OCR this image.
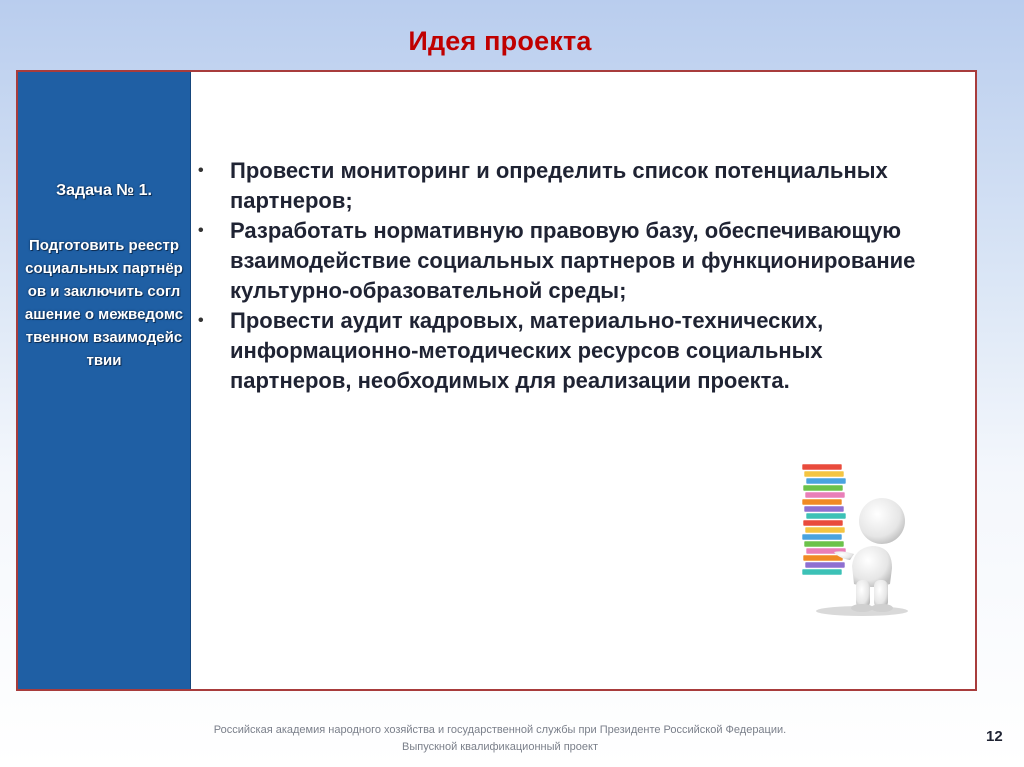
Идея проекта
Задача № 1.
Подготовить реестр социальных партнёров и заключить соглашение о межведомственном взаимодействии
• Провести мониторинг и определить список потенциальных партнеров;
• Разработать нормативную правовую базу, обеспечивающую взаимодействие социальных партнеров и функционирование культурно-образовательной среды;
• Провести аудит кадровых, материально-технических, информационно-методических ресурсов социальных партнеров, необходимых для реализации проекта.
Российская академия народного хозяйства и государственной службы при Президенте Российской Федерации.
Выпускной квалификационный проект
12
